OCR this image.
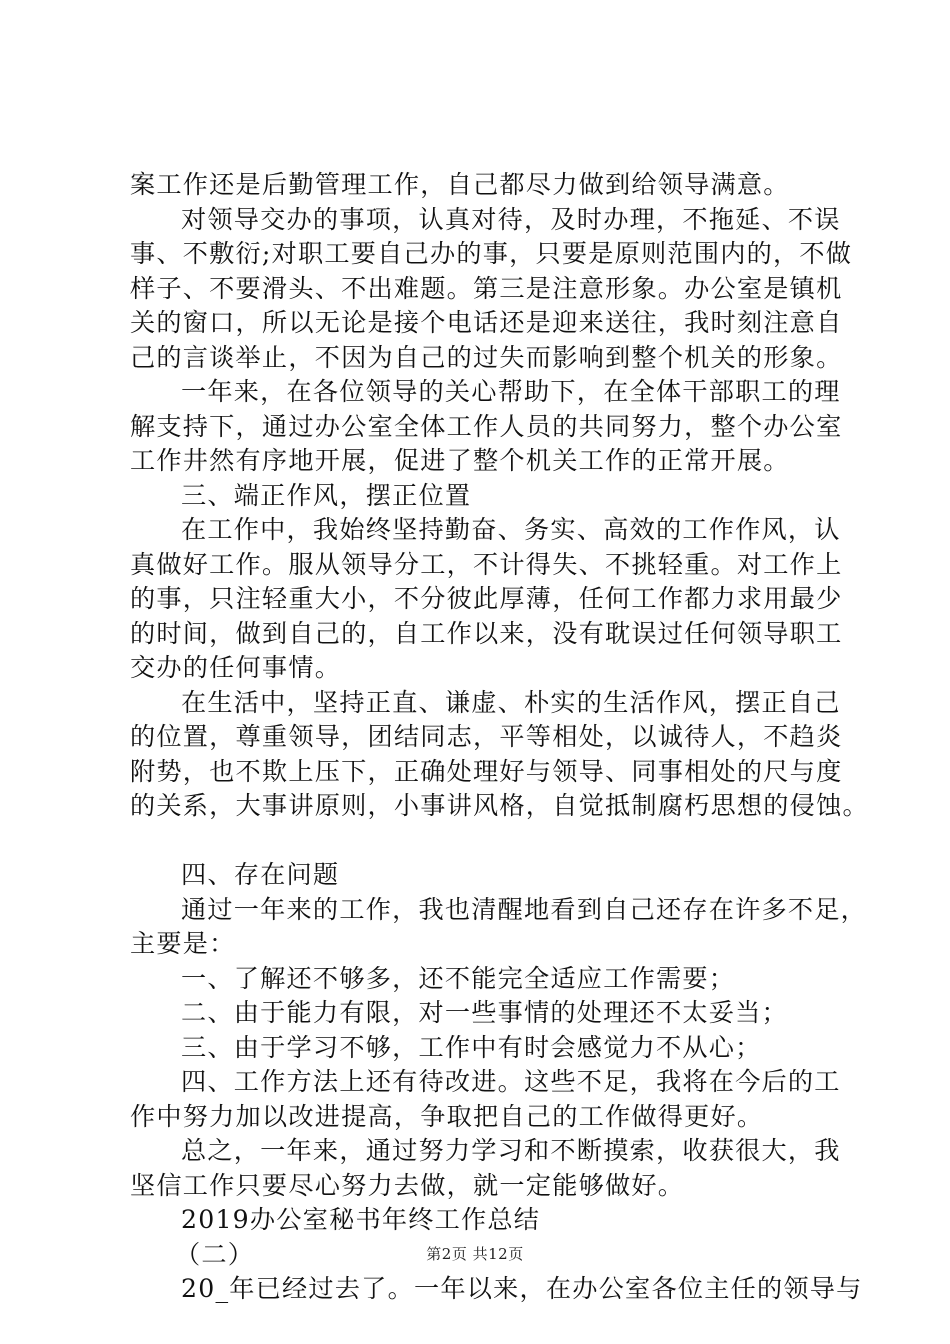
案工作还是后勤管理工作，自己都尽力做到给领导满意。
对领导交办的事项，认真对待，及时办理，不拖延、不误
事、不敷衍;对职工要自己办的事，只要是原则范围内的，不做
样子、不要滑头、不出难题。第三是注意形象。办公室是镇机
关的窗口，所以无论是接个电话还是迎来送往，我时刻注意自
己的言谈举止，不因为自己的过失而影响到整个机关的形象。
一年来，在各位领导的关心帮助下，在全体干部职工的理
解支持下，通过办公室全体工作人员的共同努力，整个办公室
工作井然有序地开展，促进了整个机关工作的正常开展。
三、端正作风，摆正位置
在工作中，我始终坚持勤奋、务实、高效的工作作风，认
真做好工作。服从领导分工，不计得失、不挑轻重。对工作上
的事，只注轻重大小，不分彼此厚薄，任何工作都力求用最少
的时间，做到自己的，自工作以来，没有耽误过任何领导职工
交办的任何事情。
在生活中，坚持正直、谦虚、朴实的生活作风，摆正自己
的位置，尊重领导，团结同志，平等相处，以诚待人，不趋炎
附势，也不欺上压下，正确处理好与领导、同事相处的尺与度
的关系，大事讲原则，小事讲风格，自觉抵制腐朽思想的侵蚀。
四、存在问题
通过一年来的工作，我也清醒地看到自己还存在许多不足，
主要是：
一、了解还不够多，还不能完全适应工作需要；
二、由于能力有限，对一些事情的处理还不太妥当；
三、由于学习不够，工作中有时会感觉力不从心；
四、工作方法上还有待改进。这些不足，我将在今后的工
作中努力加以改进提高，争取把自己的工作做得更好。
总之，一年来，通过努力学习和不断摸索，收获很大，我
坚信工作只要尽心努力去做，就一定能够做好。
2019办公室秘书年终工作总结
（二）
20_年已经过去了。一年以来，在办公室各位主任的领导与
第2页 共12页
